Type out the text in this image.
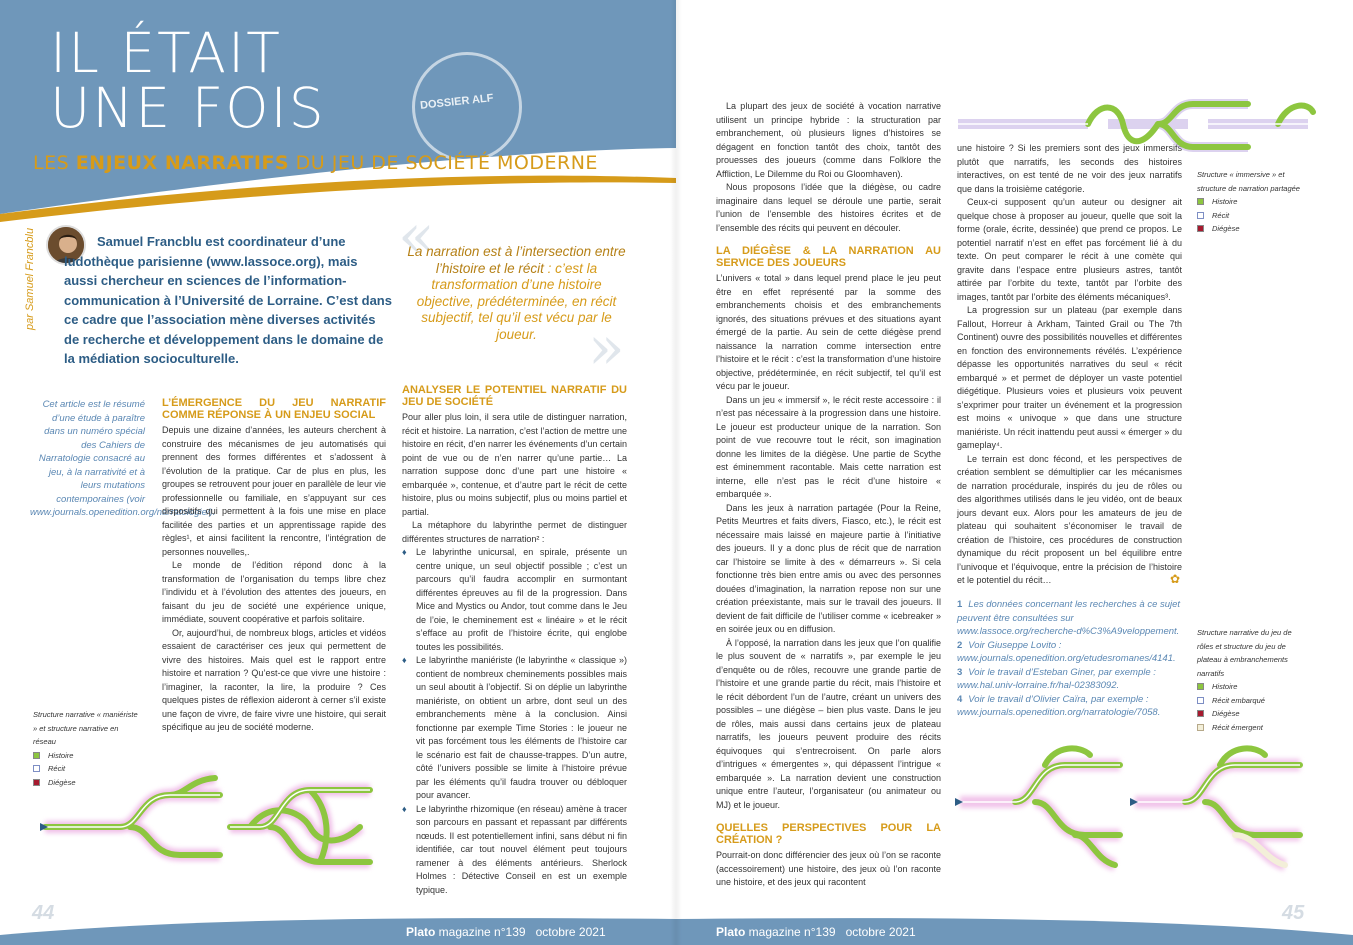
IL ÉTAIT
UNE FOIS	DOSSIER ALF
LES ENJEUX NARRATIFS DU JEU DE SOCIÉTÉ MODERNE
par Samuel Francblu	Samuel Francblu est coordinateur d’une ludothèque parisienne (www.lassoce.org), mais aussi chercheur en sciences de l’information-communication à l’Université de Lorraine. C’est dans ce cadre que l’association mène diverses activités de recherche et développement dans le domaine de la médiation socioculturelle.
«
La narration est à l’intersection entre l’histoire et le récit : c’est la transformation d’une histoire objective, prédéterminée, en récit subjectif, tel qu’il est vécu par le joueur. »
Cet article est le résumé d’une étude à paraître dans un numéro spécial des Cahiers de Narratologie consacré au jeu, à la narrativité et à leurs mutations contemporaines (voir www.journals.openedition.org/narratologie/).
L’ÉMERGENCE DU JEU NARRATIF COMME RÉPONSE À UN ENJEU SOCIAL

Depuis une dizaine d’années, les auteurs cherchent à construire des mécanismes de jeu automatisés qui prennent des formes différentes et s’adossent à l’évolution de la pratique. Car de plus en plus, les groupes se retrouvent pour jouer en parallèle de leur vie professionnelle ou familiale, en s’appuyant sur ces dispositifs qui permettent à la fois une mise en place facilitée des parties et un apprentissage rapide des règles¹, et ainsi facilitent la rencontre, l’intégration de personnes nouvelles,.

Le monde de l’édition répond donc à la transformation de l’organisation du temps libre chez l’individu et à l’évolution des attentes des joueurs, en faisant du jeu de société une expérience unique, immédiate, souvent coopérative et parfois solitaire.

Or, aujourd’hui, de nombreux blogs, articles et vidéos essaient de caractériser ces jeux qui permettent de vivre des histoires. Mais quel est le rapport entre histoire et narration ? Qu’est-ce que vivre une histoire : l’imaginer, la raconter, la lire, la produire ? Ces quelques pistes de réflexion aideront à cerner s’il existe une façon de vivre, de faire vivre une histoire, qui serait spécifique au jeu de société moderne.

ANALYSER LE POTENTIEL NARRATIF DU JEU DE SOCIÉTÉ

Pour aller plus loin, il sera utile de distinguer narration, récit et histoire. La narration, c’est l’action de mettre une histoire en récit, d’en narrer les événements d’un certain point de vue ou de n’en narrer qu’une partie… La narration suppose donc d’une part une histoire « embarquée », contenue, et d’autre part le récit de cette histoire, plus ou moins subjectif, plus ou moins partiel et partial.

La métaphore du labyrinthe permet de distinguer différentes structures de narration² :

♦ Le labyrinthe unicursal, en spirale, présente un centre unique, un seul objectif possible ; c’est un parcours qu’il faudra accomplir en surmontant différentes épreuves au fil de la progression. Dans Mice and Mystics ou Andor, tout comme dans le Jeu de l’oie, le cheminement est « linéaire » et le récit s’efface au profit de l’histoire écrite, qui englobe toutes les possibilités.
♦ Le labyrinthe maniériste (le labyrinthe « classique ») contient de nombreux cheminements possibles mais un seul aboutit à l’objectif. Si on déplie un labyrinthe maniériste, on obtient un arbre, dont seul un des embranchements mène à la conclusion. Ainsi fonctionne par exemple Time Stories : le joueur ne vit pas forcément tous les éléments de l’histoire car le scénario est fait de chausse-trappes. D’un autre, côté l’univers possible se limite à l’histoire prévue par les éléments qu’il faudra trouver ou débloquer pour avancer.
♦ Le labyrinthe rhizomique (en réseau) amène à tracer son parcours en passant et repassant par différents nœuds. Il est potentiellement infini, sans début ni fin identifiée, car tout nouvel élément peut toujours ramener à des éléments antérieurs. Sherlock Holmes : Détective Conseil en est un exemple typique.
Structure narrative « maniériste » et structure narrative en réseau
Histoire
Récit
Diégèse
44
Plato magazine n°139 octobre 2021

La plupart des jeux de société à vocation narrative utilisent un principe hybride : la structuration par embranchement, où plusieurs lignes d’histoires se dégagent en fonction tantôt des choix, tantôt des prouesses des joueurs (comme dans Folklore the Affliction, Le Dilemme du Roi ou Gloomhaven).

Nous proposons l’idée que la diégèse, ou cadre imaginaire dans lequel se déroule une partie, serait l’union de l’ensemble des histoires écrites et de l’ensemble des récits qui peuvent en découler.

LA DIÉGÈSE & LA NARRATION AU SERVICE DES JOUEURS

L’univers « total » dans lequel prend place le jeu peut être en effet représenté par la somme des embranchements choisis et des embranchements ignorés, des situations prévues et des situations ayant émergé de la partie. Au sein de cette diégèse prend naissance la narration comme intersection entre l’histoire et le récit : c’est la transformation d’une histoire objective, prédéterminée, en récit subjectif, tel qu’il est vécu par le joueur.

Dans un jeu « immersif », le récit reste accessoire : il n’est pas nécessaire à la progression dans une histoire. Le joueur est producteur unique de la narration. Son point de vue recouvre tout le récit, son imagination donne les limites de la diégèse. Une partie de Scythe est éminemment racontable. Mais cette narration est interne, elle n’est pas le récit d’une histoire « embarquée ».

Dans les jeux à narration partagée (Pour la Reine, Petits Meurtres et faits divers, Fiasco, etc.), le récit est nécessaire mais laissé en majeure partie à l’initiative des joueurs. Il y a donc plus de récit que de narration car l’histoire se limite à des « démarreurs ». Si cela fonctionne très bien entre amis ou avec des personnes douées d’imagination, la narration repose non sur une création préexistante, mais sur le travail des joueurs. Il devient de fait difficile de l’utiliser comme « icebreaker » en soirée jeux ou en diffusion.

À l’opposé, la narration dans les jeux que l’on qualifie le plus souvent de « narratifs », par exemple le jeu d’enquête ou de rôles, recouvre une grande partie de l’histoire et une grande partie du récit, mais l’histoire et le récit débordent l’un de l’autre, créant un univers des possibles – une diégèse – bien plus vaste. Dans le jeu de rôles, mais aussi dans certains jeux de plateau narratifs, les joueurs peuvent produire des récits équivoques qui s’entrecroisent. On parle alors d’intrigues « émergentes », qui dépassent l’intrigue « embarquée ». La narration devient une construction unique entre l’auteur, l’organisateur (ou animateur ou MJ) et le joueur.

QUELLES PERSPECTIVES POUR LA CRÉATION ?

Pourrait-on donc différencier des jeux où l’on se raconte (accessoirement) une histoire, des jeux où l’on raconte une histoire, et des jeux qui racontent

une histoire ? Si les premiers sont des jeux immersifs plutôt que narratifs, les seconds des histoires interactives, on est tenté de ne voir des jeux narratifs que dans la troisième catégorie.

Ceux-ci supposent qu’un auteur ou designer ait quelque chose à proposer au joueur, quelle que soit la forme (orale, écrite, dessinée) que prend ce propos. Le potentiel narratif n’est en effet pas forcément lié à du texte. On peut comparer le récit à une comète qui gravite dans l’espace entre plusieurs astres, tantôt attirée par l’orbite du texte, tantôt par l’orbite des images, tantôt par l’orbite des éléments mécaniques³.

La progression sur un plateau (par exemple dans Fallout, Horreur à Arkham, Tainted Grail ou The 7th Continent) ouvre des possibilités nouvelles et différentes en fonction des environnements révélés. L’expérience dépasse les opportunités narratives du seul « récit embarqué » et permet de déployer un vaste potentiel diégétique. Plusieurs voies et plusieurs voix peuvent s’exprimer pour traiter un événement et la progression est moins « univoque » que dans une structure maniériste. Un récit inattendu peut aussi « émerger » du gameplay⁴.

Le terrain est donc fécond, et les perspectives de création semblent se démultiplier car les mécanismes de narration procédurale, inspirés du jeu de rôles ou des algorithmes utilisés dans le jeu vidéo, ont de beaux jours devant eux. Alors pour les amateurs de jeu de plateau qui souhaitent s’économiser le travail de création de l’histoire, ces procédures de construction dynamique du récit proposent un bel équilibre entre l’univoque et l’équivoque, entre la précision de l’histoire et le potentiel du récit…	✿
1 Les données concernant les recherches à ce sujet peuvent être consultées sur www.lassoce.org/recherche-d%C3%A9veloppement.
2 Voir Giuseppe Lovito : www.journals.openedition.org/etudesromanes/4141.
3 Voir le travail d’Esteban Giner, par exemple : www.hal.univ-lorraine.fr/hal-02383092.
4 Voir le travail d’Olivier Caïra, par exemple : www.journals.openedition.org/narratologie/7058.
Structure « immersive » et structure de narration partagée
Histoire
Récit
Diégèse
Structure narrative du jeu de rôles et structure du jeu de plateau à embranchements narratifs
Histoire
Récit embarqué
Diégèse
Récit émergent
45
Plato magazine n°139 octobre 2021
